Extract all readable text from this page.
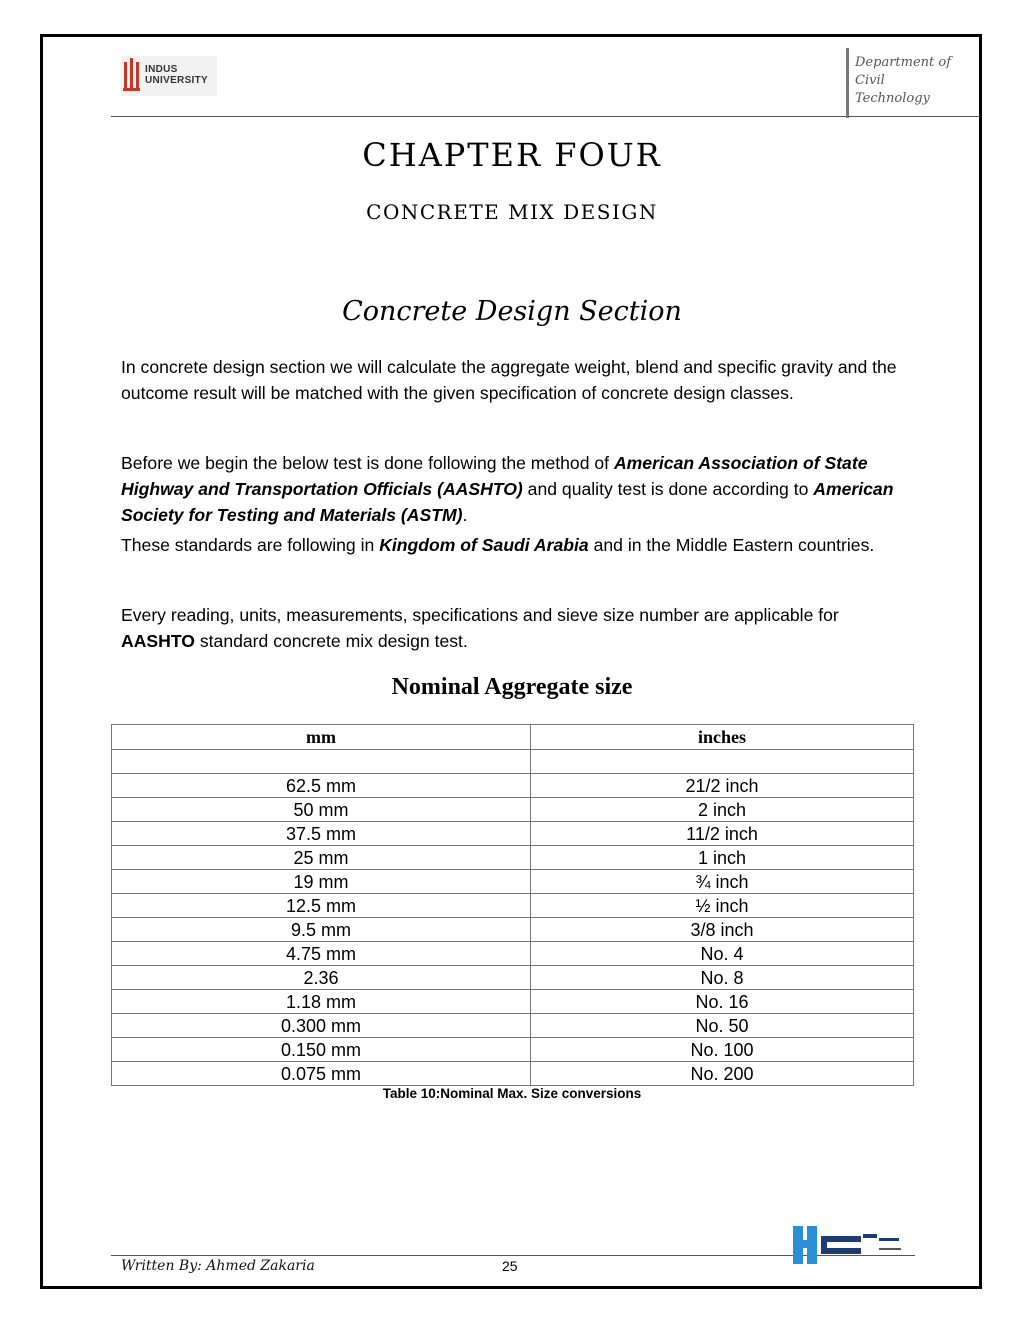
INDUS
UNIVERSITY
Department of
Civil
Technology
CHAPTER FOUR
CONCRETE MIX DESIGN
Concrete Design Section

In concrete design section we will calculate the aggregate weight, blend and specific gravity and the outcome result will be matched with the given specification of concrete design classes.

Before we begin the below test is done following the method of American Association of State Highway and Transportation Officials (AASHTO) and quality test is done according to American Society for Testing and Materials (ASTM).

These standards are following in Kingdom of Saudi Arabia and in the Middle Eastern countries.

Every reading, units, measurements, specifications and sieve size number are applicable for AASHTO standard concrete mix design test.

Nominal Aggregate size
mm	inches

62.5 mm	21/2 inch
50 mm	2 inch
37.5 mm	11/2 inch
25 mm	1 inch
19 mm	¾ inch
12.5 mm	½ inch
9.5 mm	3/8 inch
4.75 mm	No. 4
2.36	No. 8
1.18 mm	No. 16
0.300 mm	No. 50
0.150 mm	No. 100
0.075 mm	No. 200
Table 10:Nominal Max. Size conversions
Written By: Ahmed Zakaria	25
